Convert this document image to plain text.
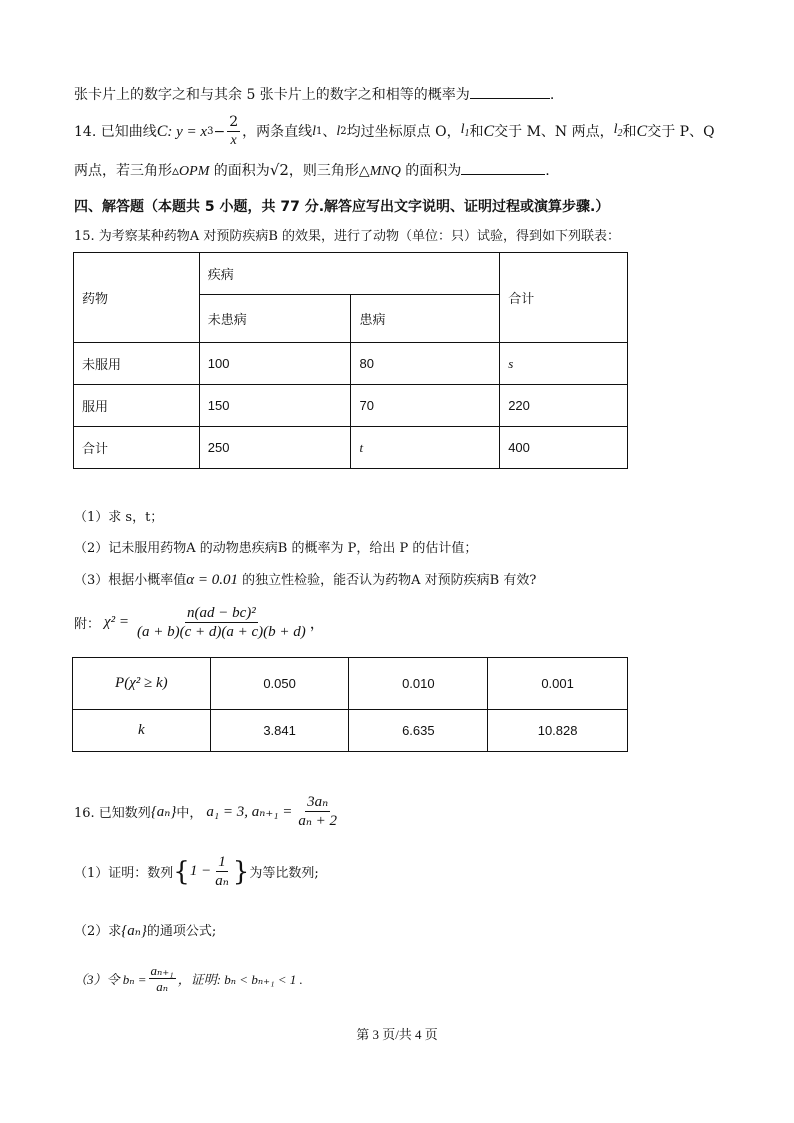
张卡片上的数字之和与其余 5 张卡片上的数字之和相等的概率为	.
14. 已知曲线 C : y = x $3 - \frac{2}{x}$ ，两条直线 l 1 、 l 2 均过坐标原点 O， $l_1$ 和 C 交于 M、N 两点， $l_2$ 和 C 交于 P、Q
两点，若三角形▵OPM 的面积为√2，则三角形△MNQ 的面积为	.
四、解答题（本题共 5 小题，共 77 分.解答应写出文字说明、证明过程或演算步骤.）
15. 为考察某种药物A 对预防疾病B 的效果，进行了动物（单位：只）试验，得到如下列联表：
药物	疾病		合计
	未患病	患病	
未服用	100	80	s
服用	150	70	220
合计	250	t	400
（1）求 s，t；
（2）记未服用药物A 的动物患疾病B 的概率为 P，给出 P 的估计值；
（3）根据小概率值α = 0.01 的独立性检验，能否认为药物A 对预防疾病B 有效?
附： $\chi^2 = \frac{\text{n(ad − bc)²}}{(a + b)(c + d)(a + c)(b + d)}$ ，
P(χ² ≥ k)	0.050	0.010	0.001
k	3.841	6.635	10.828
16. 已知数列 {aₙ} 中， a₁ = 3, $a_{n+1} = \frac{\text{3aₙ}}{\text{aₙ + 2}}$
（1）证明：数列 { $1 - \frac{1}{\text{aₙ}}$ } 为等比数列;
（2）求{aₙ}的通项公式;
（3）令 $b_n = \frac{\text{aₙ₊₁}}{\text{aₙ}}$ ，证明: bₙ < bₙ₊₁ < 1 .
第 3 页/共 4 页
